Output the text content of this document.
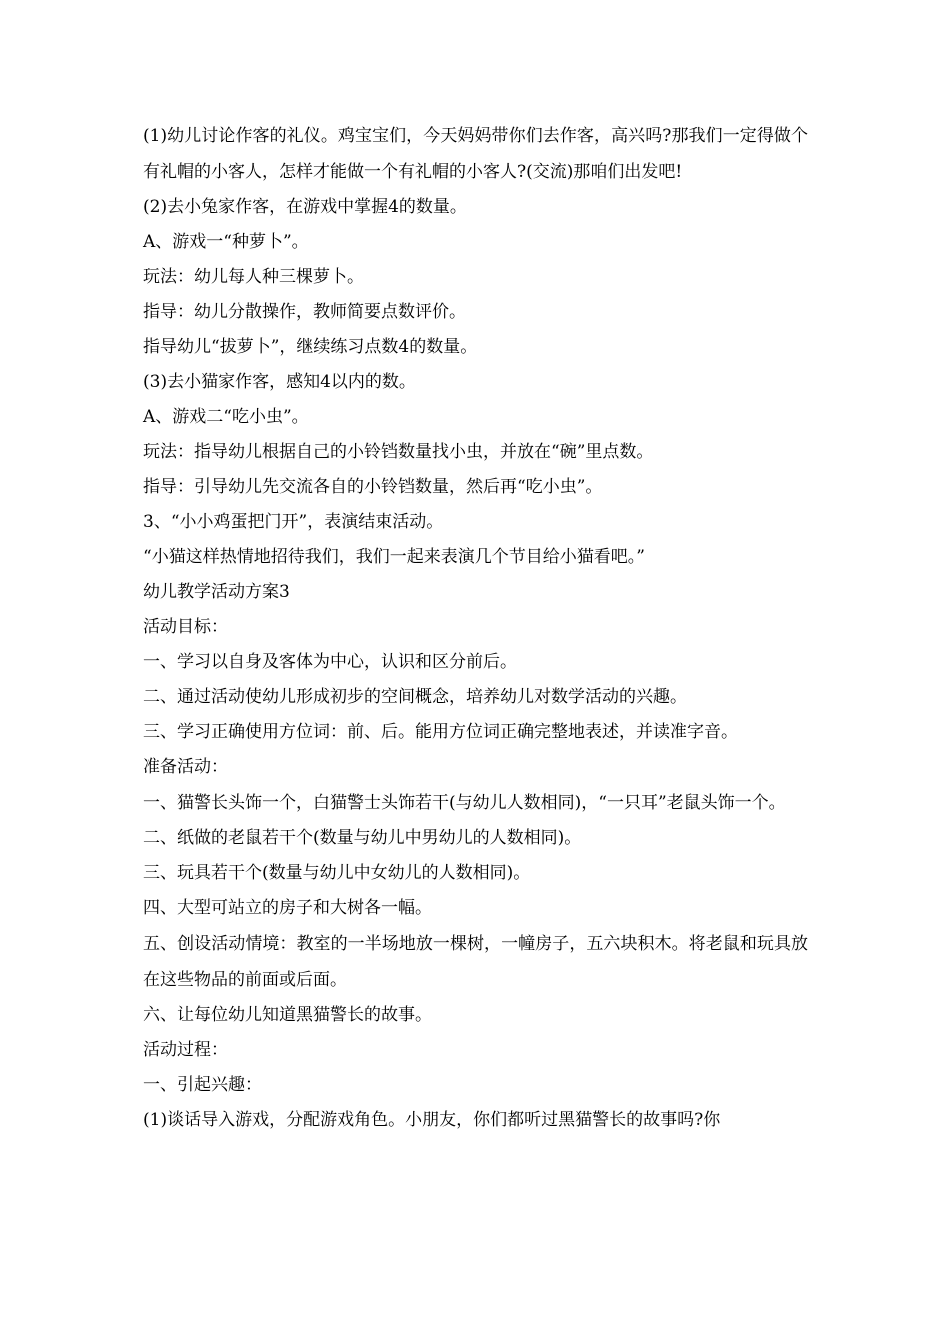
(1)幼儿讨论作客的礼仪。鸡宝宝们，今天妈妈带你们去作客，高兴吗?那我们一定得做个有礼帽的小客人，怎样才能做一个有礼帽的小客人?(交流)那咱们出发吧!

(2)去小兔家作客，在游戏中掌握4的数量。

A、游戏一“种萝卜”。

玩法：幼儿每人种三棵萝卜。

指导：幼儿分散操作，教师简要点数评价。

指导幼儿“拔萝卜”，继续练习点数4的数量。

(3)去小猫家作客，感知4以内的数。

A、游戏二“吃小虫”。

玩法：指导幼儿根据自己的小铃铛数量找小虫，并放在“碗”里点数。

指导：引导幼儿先交流各自的小铃铛数量，然后再“吃小虫”。

3、“小小鸡蛋把门开”，表演结束活动。

“小猫这样热情地招待我们，我们一起来表演几个节目给小猫看吧。”

幼儿教学活动方案3

活动目标：

一、学习以自身及客体为中心，认识和区分前后。

二、通过活动使幼儿形成初步的空间概念，培养幼儿对数学活动的兴趣。

三、学习正确使用方位词：前、后。能用方位词正确完整地表述，并读准字音。

准备活动：

一、猫警长头饰一个，白猫警士头饰若干(与幼儿人数相同)，“一只耳”老鼠头饰一个。

二、纸做的老鼠若干个(数量与幼儿中男幼儿的人数相同)。

三、玩具若干个(数量与幼儿中女幼儿的人数相同)。

四、大型可站立的房子和大树各一幅。

五、创设活动情境：教室的一半场地放一棵树，一幢房子，五六块积木。将老鼠和玩具放在这些物品的前面或后面。

六、让每位幼儿知道黑猫警长的故事。

活动过程：

一、引起兴趣：

(1)谈话导入游戏，分配游戏角色。小朋友，你们都听过黑猫警长的故事吗?你
